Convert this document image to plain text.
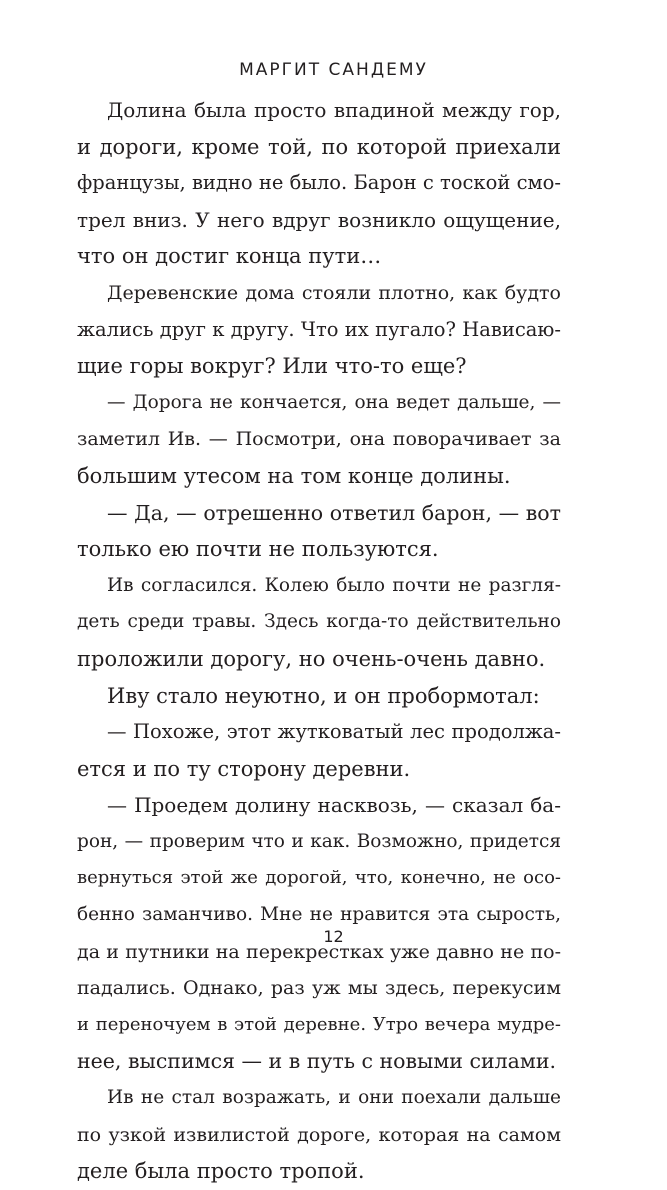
МАРГИТ САНДЕМУ
Долина была просто впадиной между гор,
и дороги, кроме той, по которой приехали
французы, видно не было. Барон с тоской смо-
трел вниз. У него вдруг возникло ощущение,
что он достиг конца пути…
Деревенские дома стояли плотно, как будто
жались друг к другу. Что их пугало? Нависаю-
щие горы вокруг? Или что-то еще?
— Дорога не кончается, она ведет дальше, —
заметил Ив. — Посмотри, она поворачивает за
большим утесом на том конце долины.
— Да, — отрешенно ответил барон, — вот
только ею почти не пользуются.
Ив согласился. Колею было почти не разгля-
деть среди травы. Здесь когда-то действительно
проложили дорогу, но очень-очень давно.
Иву стало неуютно, и он пробормотал:
— Похоже, этот жутковатый лес продолжа-
ется и по ту сторону деревни.
— Проедем долину насквозь, — сказал ба-
рон, — проверим что и как. Возможно, придется
вернуться этой же дорогой, что, конечно, не осо-
бенно заманчиво. Мне не нравится эта сырость,
да и путники на перекрестках уже давно не по-
падались. Однако, раз уж мы здесь, перекусим
и переночуем в этой деревне. Утро вечера мудре-
нее, выспимся — и в путь с новыми силами.
Ив не стал возражать, и они поехали дальше
по узкой извилистой дороге, которая на самом
деле была просто тропой.
12
